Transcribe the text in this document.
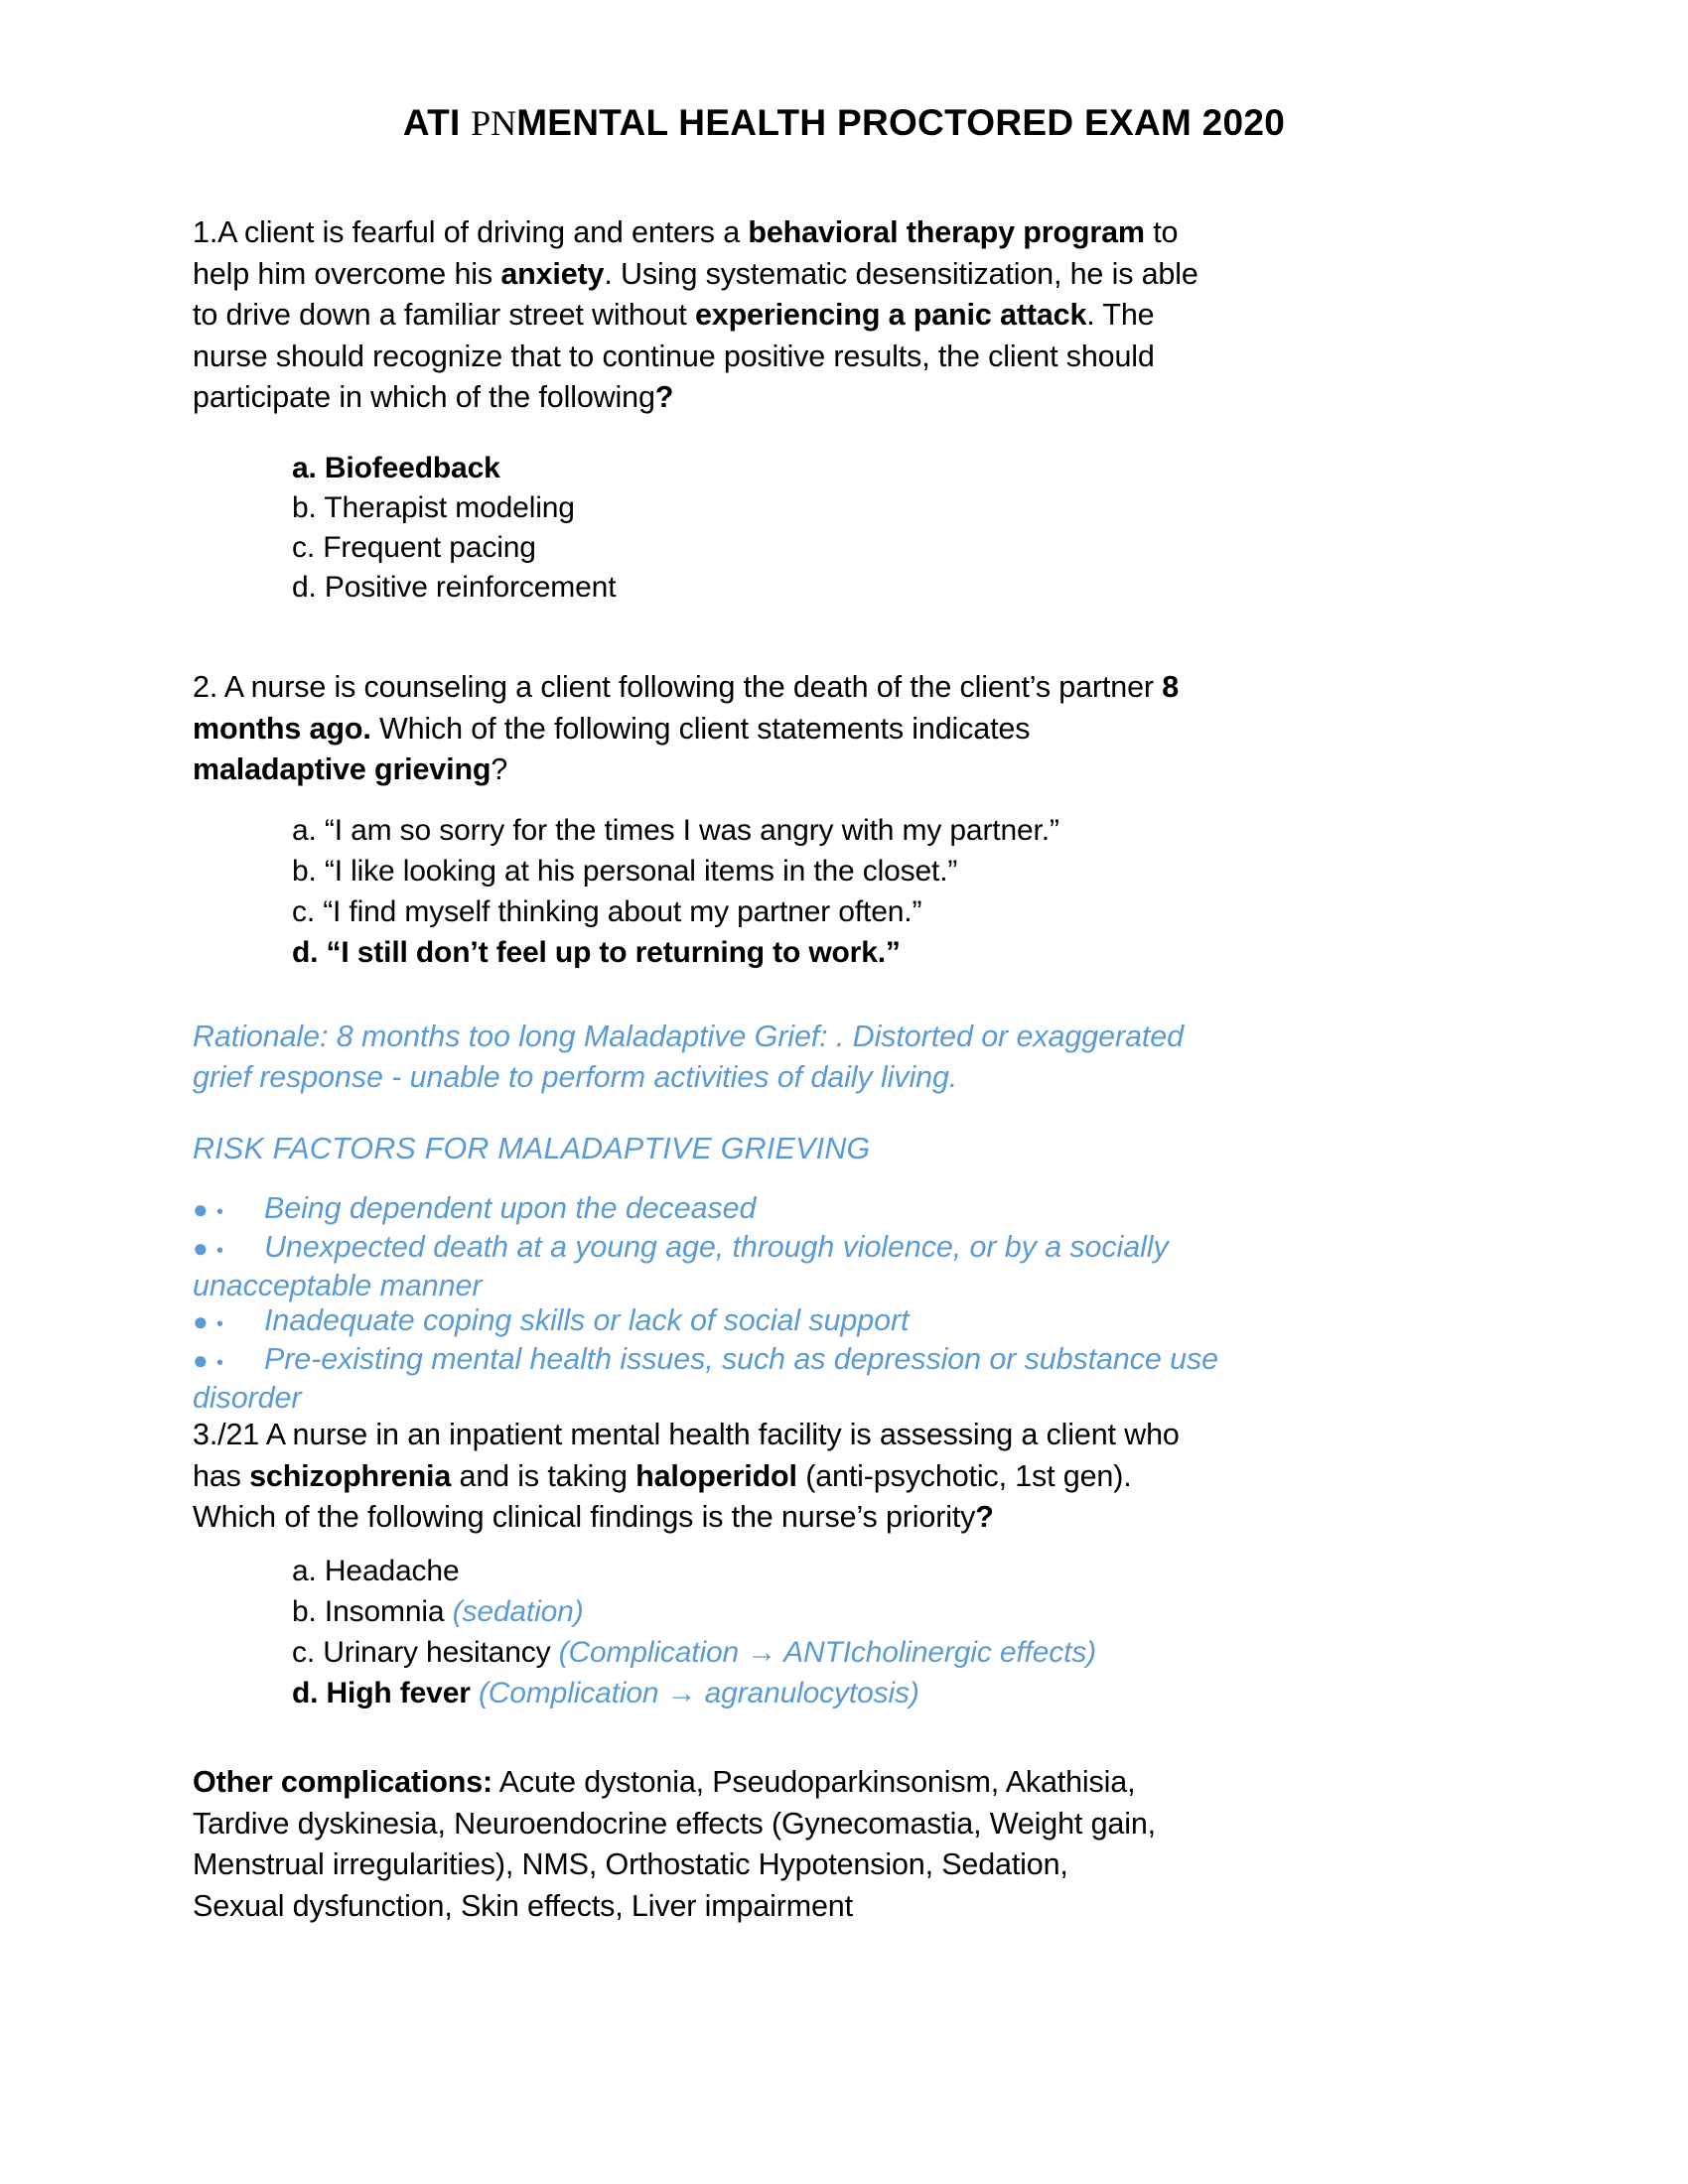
ATI PNMENTAL HEALTH PROCTORED EXAM 2020
1.A client is fearful of driving and enters a behavioral therapy program to
help him overcome his anxiety. Using systematic desensitization, he is able
to drive down a familiar street without experiencing a panic attack. The
nurse should recognize that to continue positive results, the client should
participate in which of the following?
a. Biofeedback
b. Therapist modeling
c. Frequent pacing
d. Positive reinforcement
2. A nurse is counseling a client following the death of the client’s partner 8
months ago. Which of the following client statements indicates
maladaptive grieving?
a. “I am so sorry for the times I was angry with my partner.”
b. “I like looking at his personal items in the closet.”
c. “I find myself thinking about my partner often.”
d. “I still don’t feel up to returning to work.”
Rationale: 8 months too long Maladaptive Grief: . Distorted or exaggerated
grief response - unable to perform activities of daily living.
RISK FACTORS FOR MALADAPTIVE GRIEVING
● • Being dependent upon the deceased
● • Unexpected death at a young age, through violence, or by a socially
unacceptable manner
● • Inadequate coping skills or lack of social support
● • Pre-existing mental health issues, such as depression or substance use
disorder
3./21 A nurse in an inpatient mental health facility is assessing a client who
has schizophrenia and is taking haloperidol (anti-psychotic, 1st gen).
Which of the following clinical findings is the nurse’s priority?
a. Headache
b. Insomnia (sedation)
c. Urinary hesitancy (Complication → ANTIcholinergic effects)
d. High fever (Complication → agranulocytosis)
Other complications: Acute dystonia, Pseudoparkinsonism, Akathisia,
Tardive dyskinesia, Neuroendocrine effects (Gynecomastia, Weight gain,
Menstrual irregularities), NMS, Orthostatic Hypotension, Sedation,
Sexual dysfunction, Skin effects, Liver impairment
